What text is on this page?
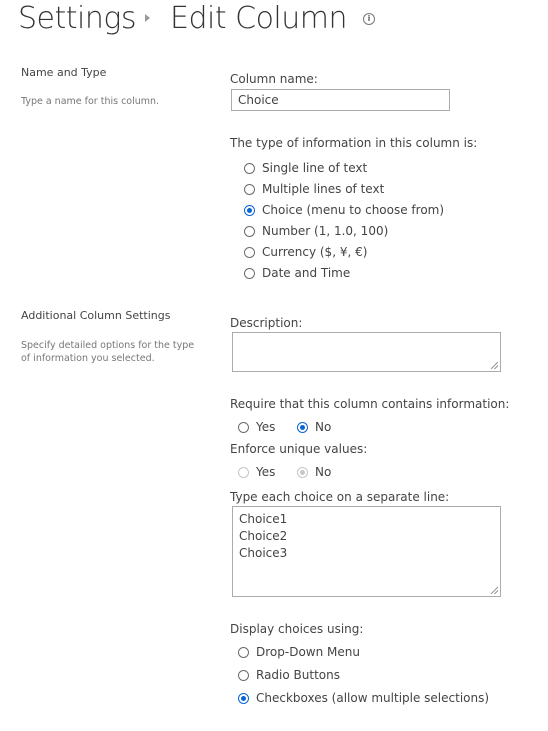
Settings Edit Column	i
Name and Type
Type a name for this column.
Column name:
Choice
The type of information in this column is:
Single line of text
Multiple lines of text
Choice (menu to choose from)
Number (1, 1.0, 100)
Currency ($, ¥, €)
Date and Time
Additional Column Settings
Specify detailed options for the type
of information you selected.
Description:
Require that this column contains information:
Yes	No
Enforce unique values:
Yes	No
Type each choice on a separate line:
Choice1
Choice2
Choice3
Display choices using:
Drop-Down Menu
Radio Buttons
Checkboxes (allow multiple selections)
